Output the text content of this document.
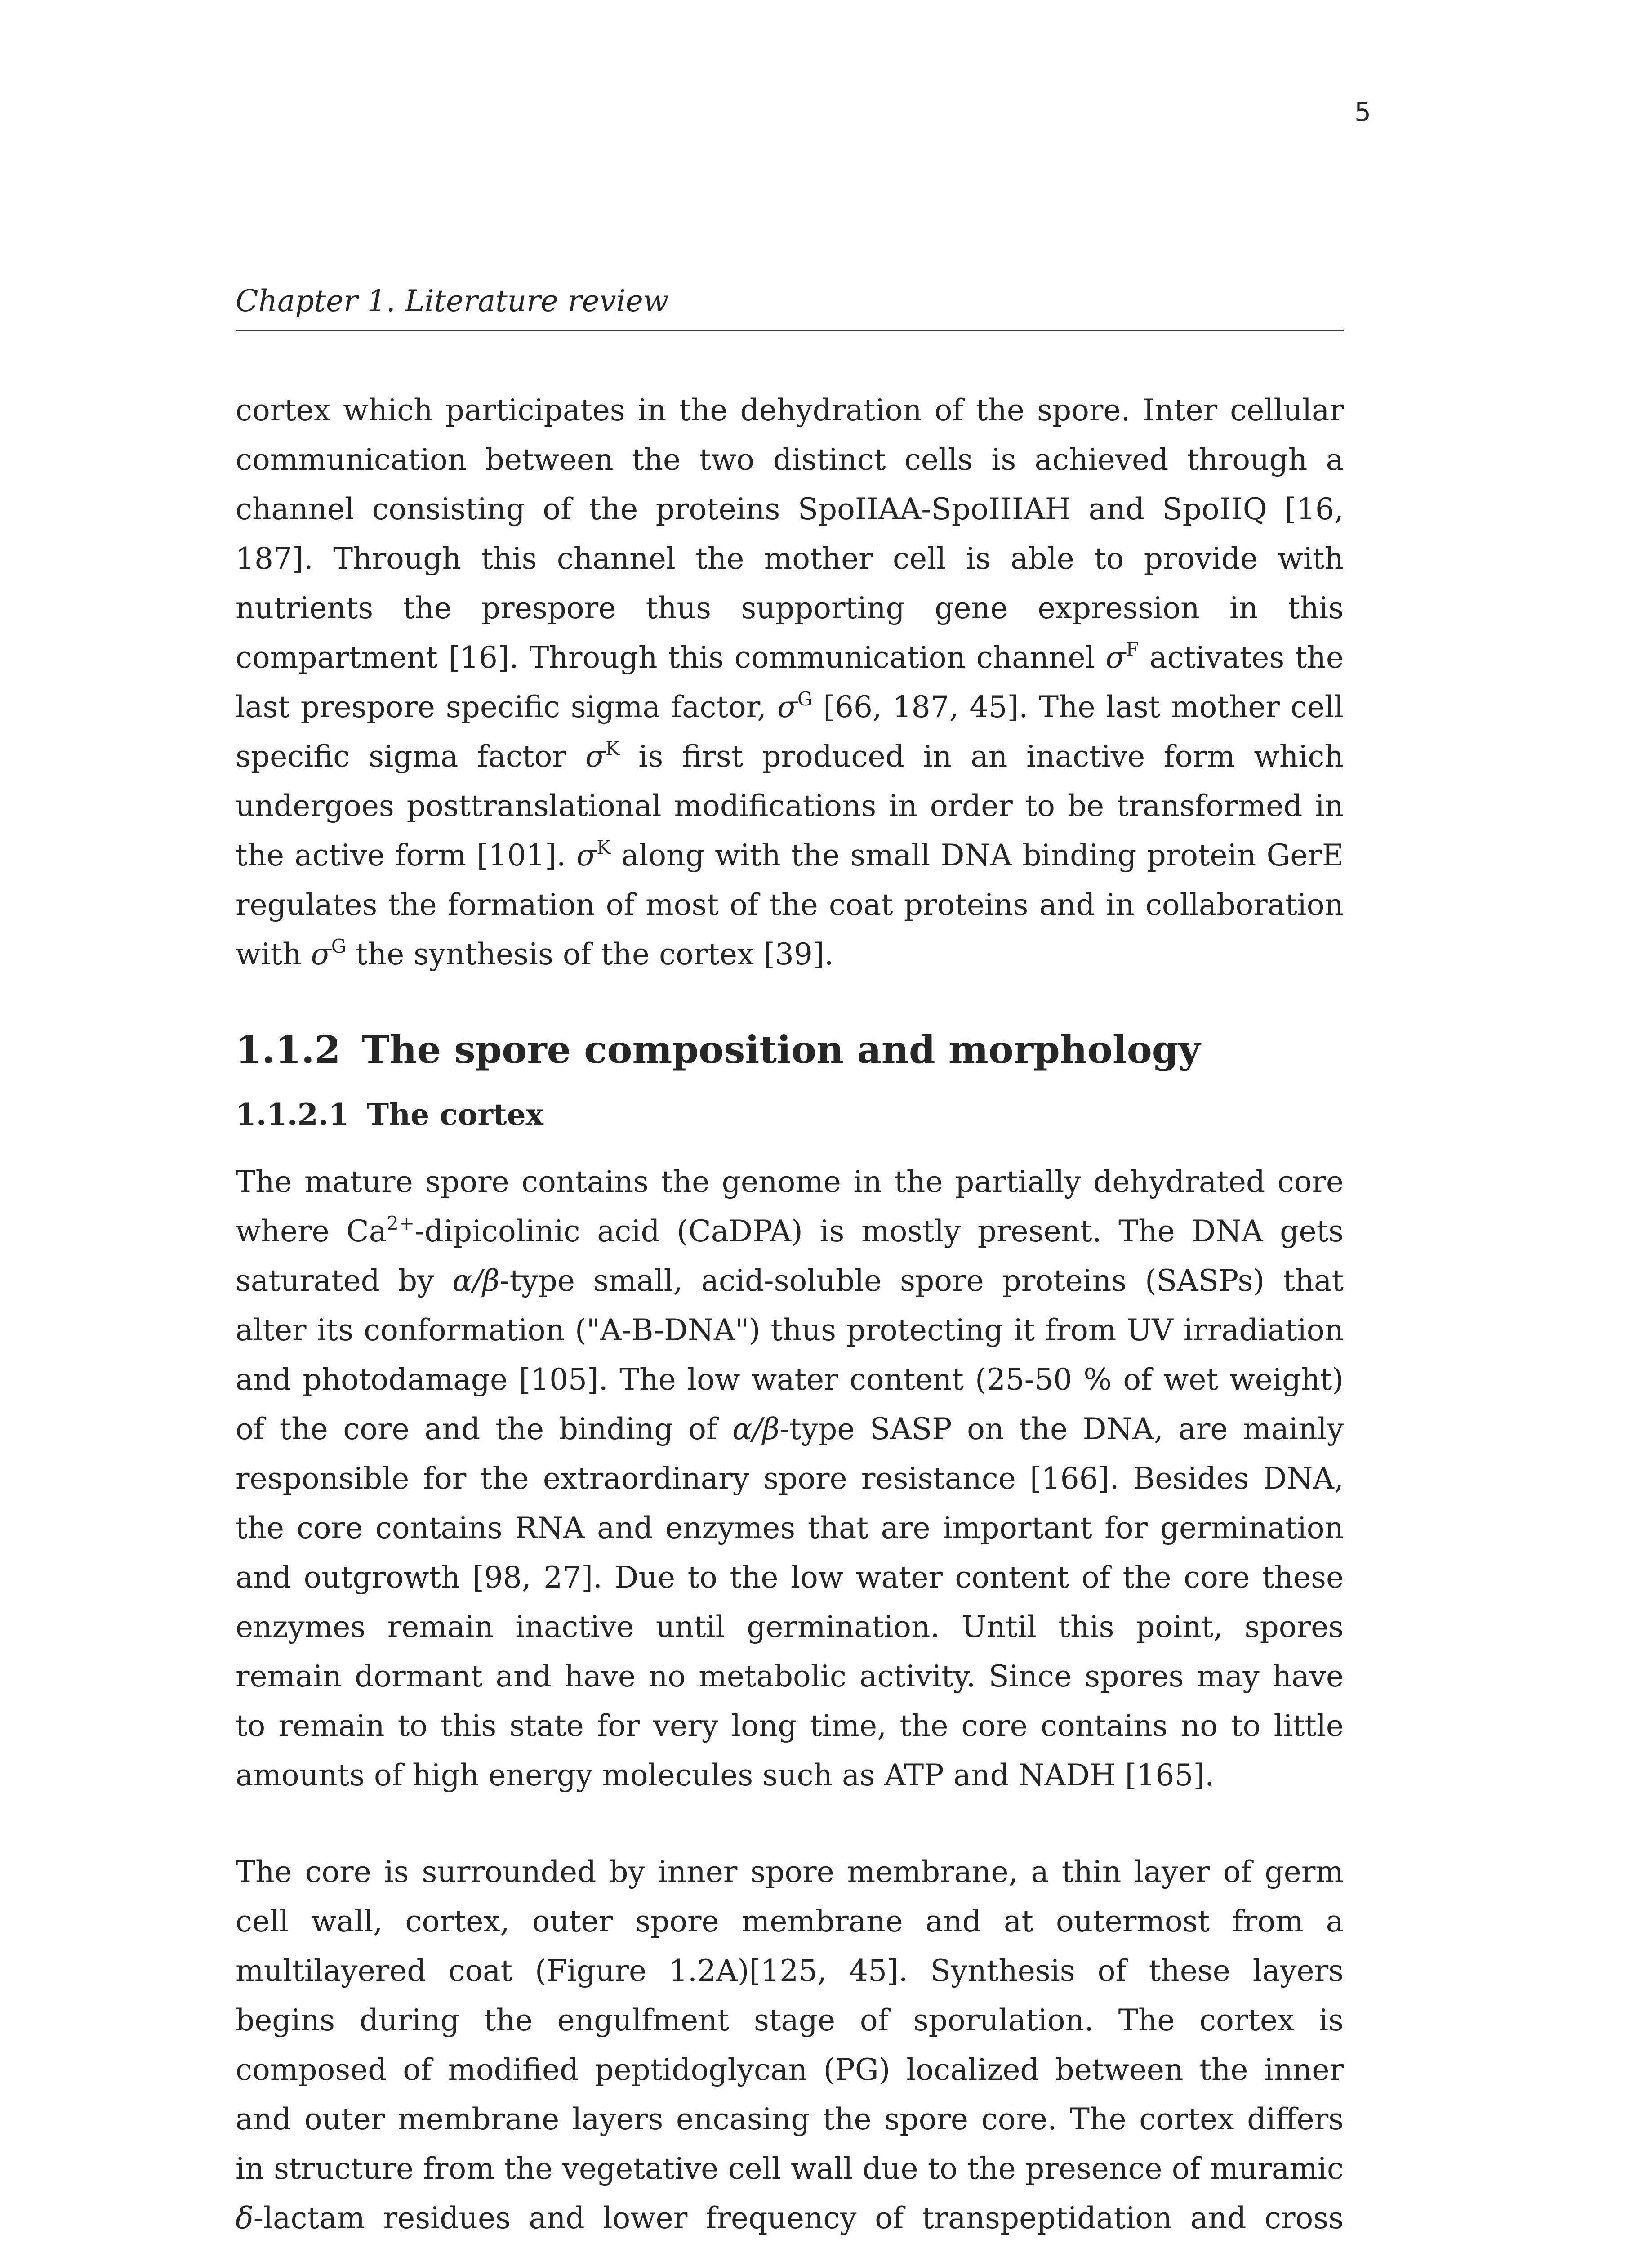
5
Chapter 1. Literature review

cortex which participates in the dehydration of the spore. Inter cellular communication between the two distinct cells is achieved through a channel consisting of the proteins SpoIIAA-SpoIIIAH and SpoIIQ [16, 187]. Through this channel the mother cell is able to provide with nutrients the prespore thus supporting gene expression in this compartment [16]. Through this communication channel $\sigma^F$ activates the last prespore specific sigma factor, $\sigma^G$ [66, 187, 45]. The last mother cell specific sigma factor $\sigma^K$ is first produced in an inactive form which undergoes posttranslational modifications in order to be transformed in the active form [101]. $\sigma^K$ along with the small DNA binding protein GerE regulates the formation of most of the coat proteins and in collaboration with $\sigma^G$ the synthesis of the cortex [39].

1.1.2 The spore composition and morphology
1.1.2.1 The cortex

The mature spore contains the genome in the partially dehydrated core where $Ca^{2+}$-dipicolinic acid (CaDPA) is mostly present. The DNA gets saturated by α/β-type small, acid-soluble spore proteins (SASPs) that alter its conformation ("A-B-DNA") thus protecting it from UV irradiation and photodamage [105]. The low water content (25-50 % of wet weight) of the core and the binding of α/β-type SASP on the DNA, are mainly responsible for the extraordinary spore resistance [166]. Besides DNA, the core contains RNA and enzymes that are important for germination and outgrowth [98, 27]. Due to the low water content of the core these enzymes remain inactive until germination. Until this point, spores remain dormant and have no metabolic activity. Since spores may have to remain to this state for very long time, the core contains no to little amounts of high energy molecules such as ATP and NADH [165].

The core is surrounded by inner spore membrane, a thin layer of germ cell wall, cortex, outer spore membrane and at outermost from a multilayered coat (Figure 1.2A)[125, 45]. Synthesis of these layers begins during the engulfment stage of sporulation. The cortex is composed of modified peptidoglycan (PG) localized between the inner and outer membrane layers encasing the spore core. The cortex differs in structure from the vegetative cell wall due to the presence of muramic δ-lactam residues and lower frequency of transpeptidation and cross
